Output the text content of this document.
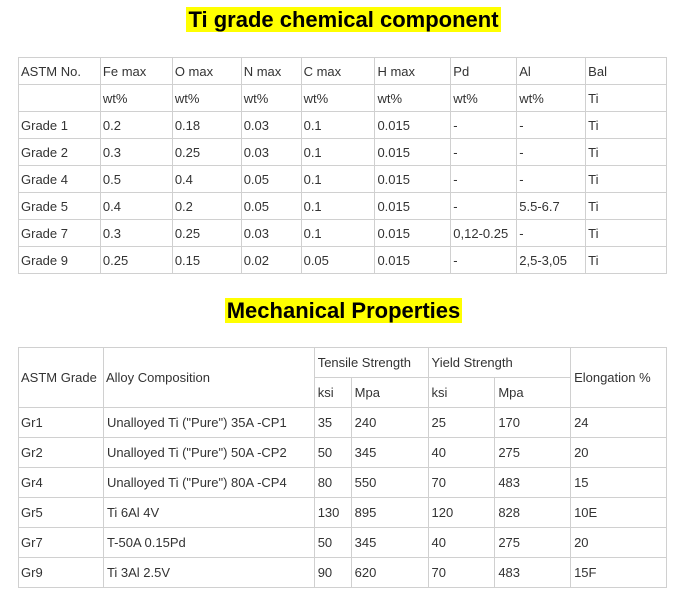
Ti grade chemical component
ASTM No.	Fe max	O max	N max	C max	H max	Pd	Al	Bal
	wt%	wt%	wt%	wt%	wt%	wt%	wt%	Ti
Grade 1	0.2	0.18	0.03	0.1	0.015	-	-	Ti
Grade 2	0.3	0.25	0.03	0.1	0.015	-	-	Ti
Grade 4	0.5	0.4	0.05	0.1	0.015	-	-	Ti
Grade 5	0.4	0.2	0.05	0.1	0.015	-	5.5-6.7	Ti
Grade 7	0.3	0.25	0.03	0.1	0.015	0,12-0.25	-	Ti
Grade 9	0.25	0.15	0.02	0.05	0.015	-	2,5-3,05	Ti
Mechanical Properties
ASTM Grade	Alloy Composition	Tensile Strength		Yield Strength		Elongation %
		ksi	Mpa	ksi	Mpa	
Gr1	Unalloyed Ti ("Pure") 35A -CP1	35	240	25	170	24
Gr2	Unalloyed Ti ("Pure") 50A -CP2	50	345	40	275	20
Gr4	Unalloyed Ti ("Pure") 80A -CP4	80	550	70	483	15
Gr5	Ti 6Al 4V	130	895	120	828	10E
Gr7	T-50A 0.15Pd	50	345	40	275	20
Gr9	Ti 3Al 2.5V	90	620	70	483	15F
